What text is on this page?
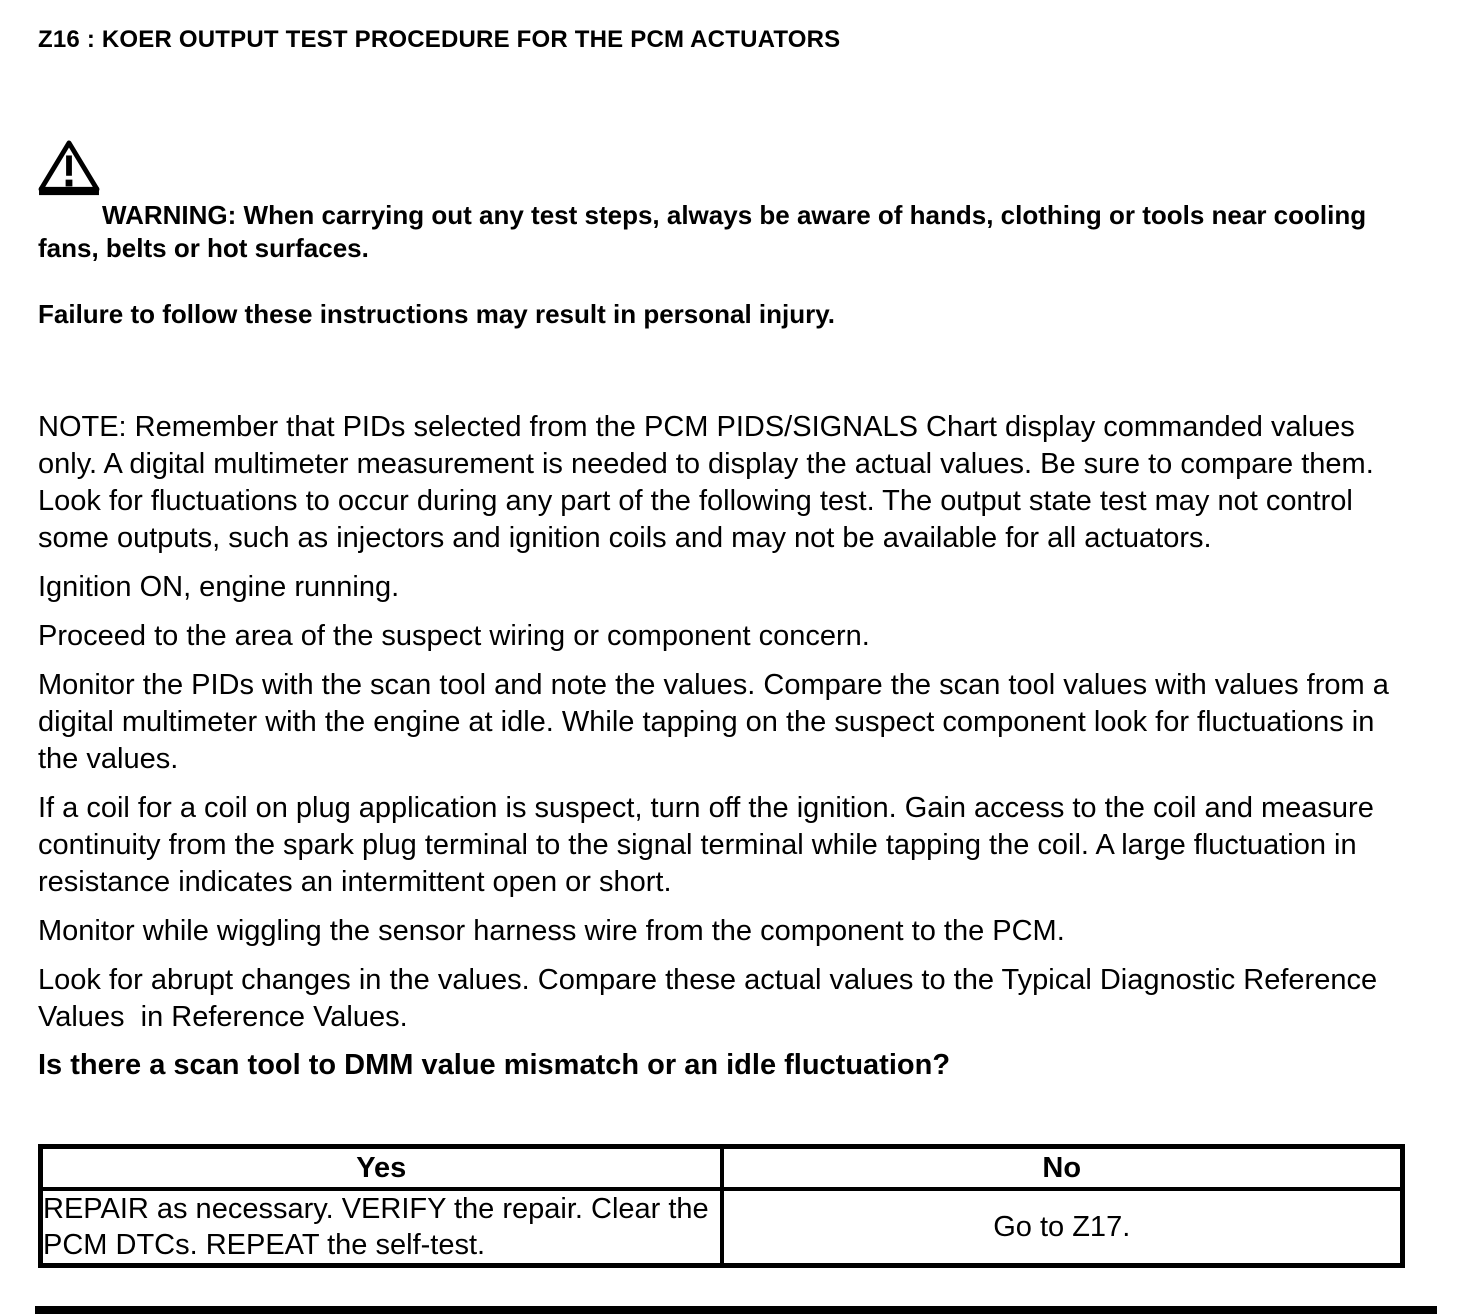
Z16 : KOER OUTPUT TEST PROCEDURE FOR THE PCM ACTUATORS

WARNING: When carrying out any test steps, always be aware of hands, clothing or tools near cooling fans, belts or hot surfaces.

Failure to follow these instructions may result in personal injury.

NOTE: Remember that PIDs selected from the PCM PIDS/SIGNALS Chart display commanded values only. A digital multimeter measurement is needed to display the actual values. Be sure to compare them. Look for fluctuations to occur during any part of the following test. The output state test may not control some outputs, such as injectors and ignition coils and may not be available for all actuators.

Ignition ON, engine running.

Proceed to the area of the suspect wiring or component concern.

Monitor the PIDs with the scan tool and note the values. Compare the scan tool values with values from a digital multimeter with the engine at idle. While tapping on the suspect component look for fluctuations in the values.

If a coil for a coil on plug application is suspect, turn off the ignition. Gain access to the coil and measure continuity from the spark plug terminal to the signal terminal while tapping the coil. A large fluctuation in resistance indicates an intermittent open or short.

Monitor while wiggling the sensor harness wire from the component to the PCM.

Look for abrupt changes in the values. Compare these actual values to the Typical Diagnostic Reference Values  in Reference Values.

Is there a scan tool to DMM value mismatch or an idle fluctuation?

Yes	No
REPAIR as necessary. VERIFY the repair. Clear the PCM DTCs. REPEAT the self-test.	Go to Z17.
